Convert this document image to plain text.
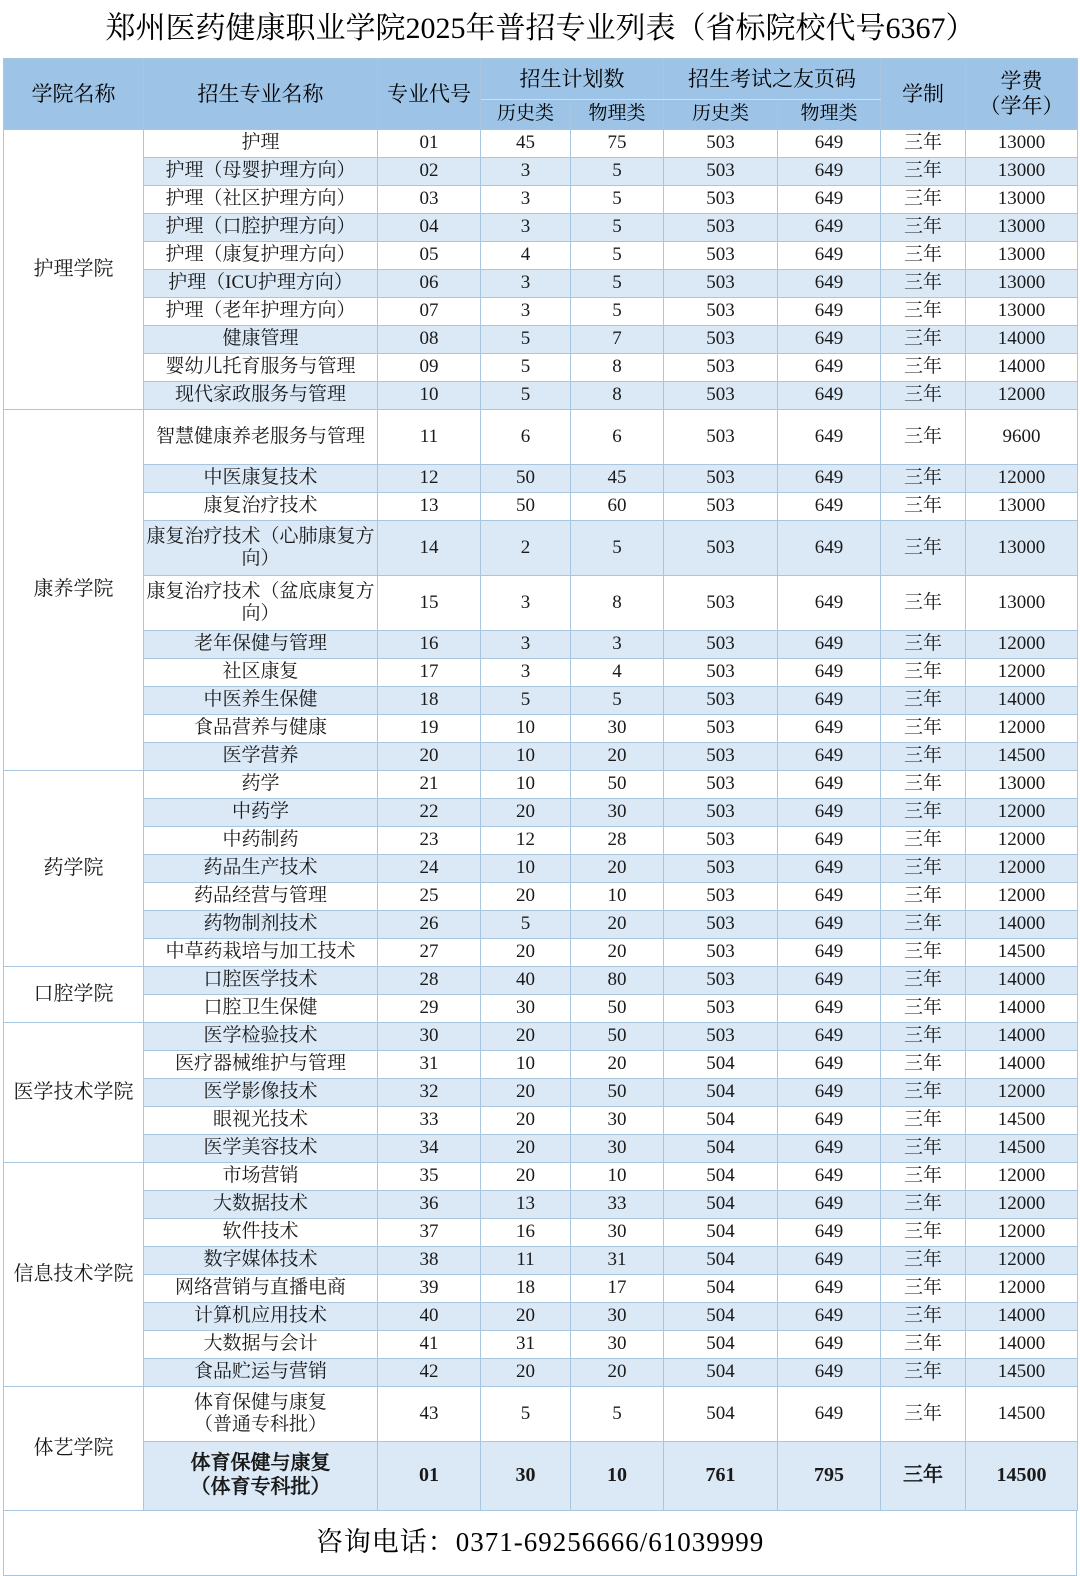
郑州医药健康职业学院2025年普招专业列表（省标院校代号6367）								
学院名称	招生专业名称	专业代号	招生计划数		招生考试之友页码		学制	学费
（学年）

			历史类	物理类	历史类	物理类		
护理学院	护理	01	45	75	503	649	三年	13000
	护理（母婴护理方向）	02	3	5	503	649	三年	13000
	护理（社区护理方向）	03	3	5	503	649	三年	13000
	护理（口腔护理方向）	04	3	5	503	649	三年	13000
	护理（康复护理方向）	05	4	5	503	649	三年	13000
	护理（ICU护理方向）	06	3	5	503	649	三年	13000
	护理（老年护理方向）	07	3	5	503	649	三年	13000
	健康管理	08	5	7	503	649	三年	14000
	婴幼儿托育服务与管理	09	5	8	503	649	三年	14000
	现代家政服务与管理	10	5	8	503	649	三年	12000
康养学院	智慧健康养老服务与管理	11	6	6	503	649	三年	9600
	中医康复技术	12	50	45	503	649	三年	12000
	康复治疗技术	13	50	60	503	649	三年	13000
	康复治疗技术（心肺康复方向）	14	2	5	503	649	三年	13000
	康复治疗技术（盆底康复方向）	15	3	8	503	649	三年	13000
	老年保健与管理	16	3	3	503	649	三年	12000
	社区康复	17	3	4	503	649	三年	12000
	中医养生保健	18	5	5	503	649	三年	14000
	食品营养与健康	19	10	30	503	649	三年	12000
	医学营养	20	10	20	503	649	三年	14500
药学院	药学	21	10	50	503	649	三年	13000
	中药学	22	20	30	503	649	三年	12000
	中药制药	23	12	28	503	649	三年	12000
	药品生产技术	24	10	20	503	649	三年	12000
	药品经营与管理	25	20	10	503	649	三年	12000
	药物制剂技术	26	5	20	503	649	三年	14000
	中草药栽培与加工技术	27	20	20	503	649	三年	14500
口腔学院	口腔医学技术	28	40	80	503	649	三年	14000
	口腔卫生保健	29	30	50	503	649	三年	14000
医学技术学院	医学检验技术	30	20	50	503	649	三年	14000
	医疗器械维护与管理	31	10	20	504	649	三年	14000
	医学影像技术	32	20	50	504	649	三年	12000
	眼视光技术	33	20	30	504	649	三年	14500
	医学美容技术	34	20	30	504	649	三年	14500
信息技术学院	市场营销	35	20	10	504	649	三年	12000
	大数据技术	36	13	33	504	649	三年	12000
	软件技术	37	16	30	504	649	三年	12000
	数字媒体技术	38	11	31	504	649	三年	12000
	网络营销与直播电商	39	18	17	504	649	三年	12000
	计算机应用技术	40	20	30	504	649	三年	14000
	大数据与会计	41	31	30	504	649	三年	14000
	食品贮运与营销	42	20	20	504	649	三年	14500
体艺学院	体育保健与康复
（普通专科批）	43	5	5	504	649	三年	14500

	体育保健与康复
（体育专科批）	01	30	10	761	795	三年	14500
咨询电话：0371-69256666/61039999
